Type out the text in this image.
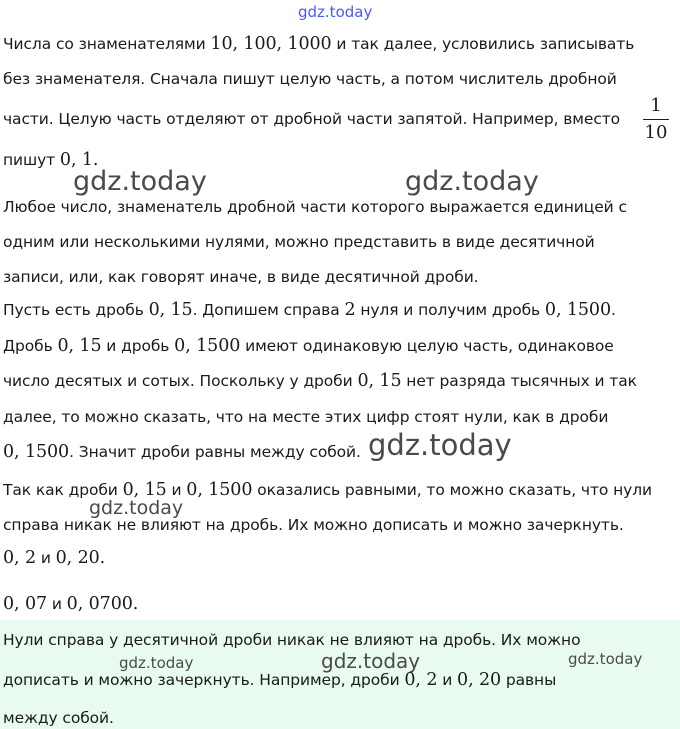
gdz.today
gdz.today	gdz.today
gdz.today
gdz.today
gdz.today	gdz.today	gdz.today
Числа со знаменателями 10, 100, 1000 и так далее, условились записывать
без знаменателя. Сначала пишут целую часть, а потом числитель дробной
части. Целую часть отделяют от дробной части запятой. Например, вместо
1
10
пишут 0, 1.
Любое число, знаменатель дробной части которого выражается единицей с
одним или несколькими нулями, можно представить в виде десятичной
записи, или, как говорят иначе, в виде десятичной дроби.
Пусть есть дробь 0, 15. Допишем справа 2 нуля и получим дробь 0, 1500.
Дробь 0, 15 и дробь 0, 1500 имеют одинаковую целую часть, одинаковое
число десятых и сотых. Поскольку у дроби 0, 15 нет разряда тысячных и так
далее, то можно сказать, что на месте этих цифр стоят нули, как в дроби
0, 1500. Значит дроби равны между собой.
Так как дроби 0, 15 и 0, 1500 оказались равными, то можно сказать, что нули
справа никак не влияют на дробь. Их можно дописать и можно зачеркнуть.
0, 2 и 0, 20.
0, 07 и 0, 0700.
Нули справа у десятичной дроби никак не влияют на дробь. Их можно
дописать и можно зачеркнуть. Например, дроби 0, 2 и 0, 20 равны
между собой.
